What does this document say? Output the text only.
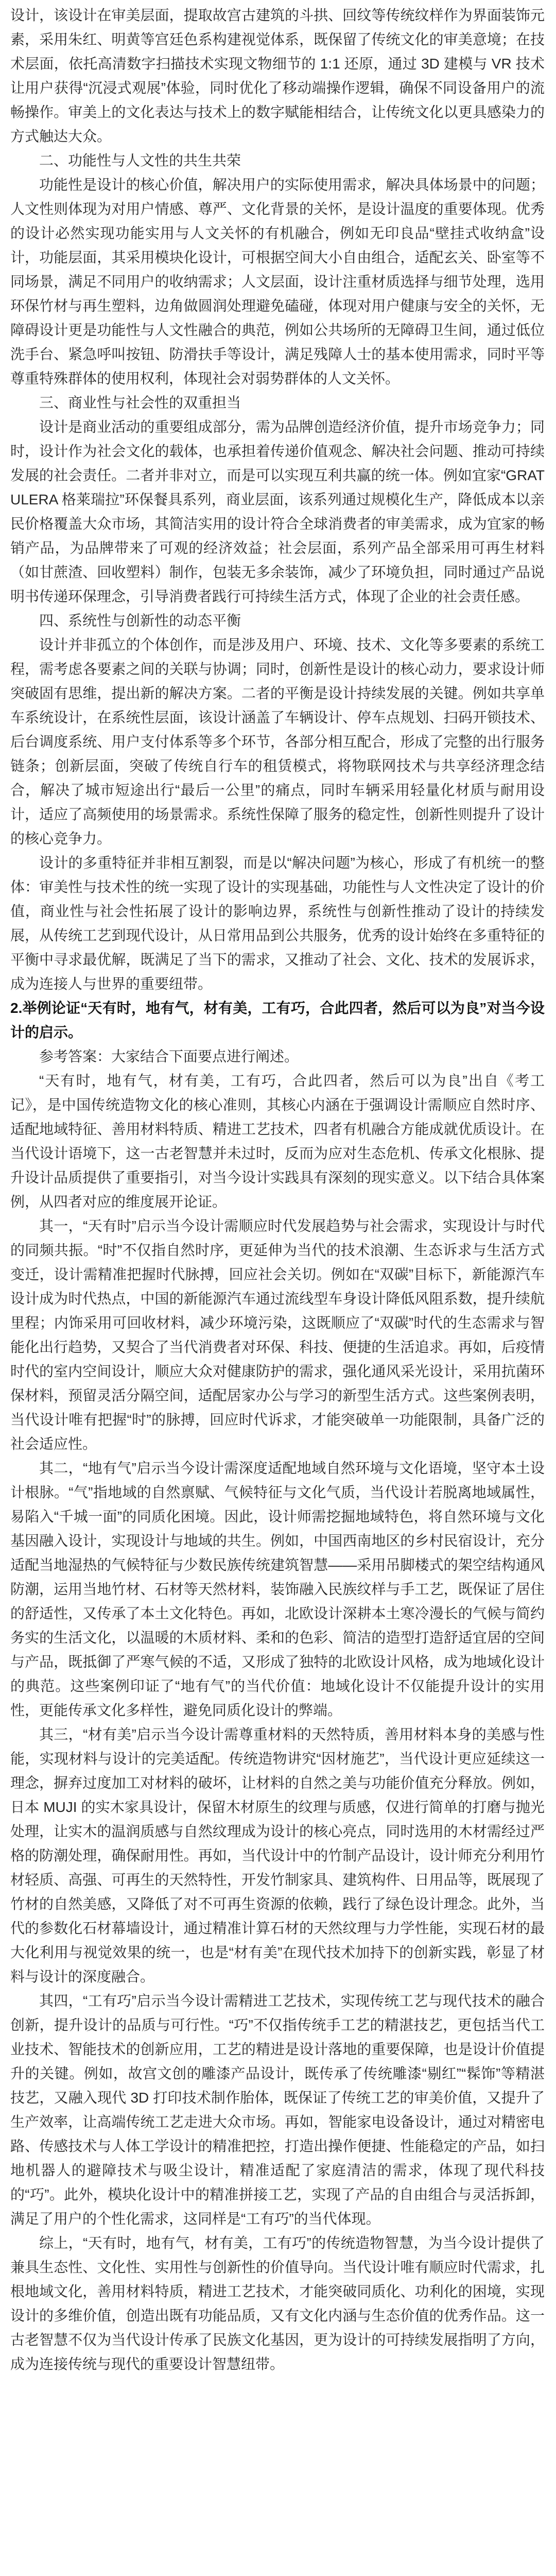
设计，该设计在审美层面，提取故宫古建筑的斗拱、回纹等传统纹样作为界面装饰元素，采用朱红、明黄等宫廷色系构建视觉体系，既保留了传统文化的审美意境；在技术层面，依托高清数字扫描技术实现文物细节的 1:1 还原，通过 3D 建模与 VR 技术让用户获得“沉浸式观展”体验，同时优化了移动端操作逻辑，确保不同设备用户的流畅操作。审美上的文化表达与技术上的数字赋能相结合，让传统文化以更具感染力的方式触达大众。

二、功能性与人文性的共生共荣

功能性是设计的核心价值，解决用户的实际使用需求，解决具体场景中的问题；人文性则体现为对用户情感、尊严、文化背景的关怀，是设计温度的重要体现。优秀的设计必然实现功能实用与人文关怀的有机融合，例如无印良品“壁挂式收纳盒”设计，功能层面，其采用模块化设计，可根据空间大小自由组合，适配玄关、卧室等不同场景，满足不同用户的收纳需求；人文层面，设计注重材质选择与细节处理，选用环保竹材与再生塑料，边角做圆润处理避免磕碰，体现对用户健康与安全的关怀，无障碍设计更是功能性与人文性融合的典范，例如公共场所的无障碍卫生间，通过低位洗手台、紧急呼叫按钮、防滑扶手等设计，满足残障人士的基本使用需求，同时平等尊重特殊群体的使用权利，体现社会对弱势群体的人文关怀。

三、商业性与社会性的双重担当

设计是商业活动的重要组成部分，需为品牌创造经济价值，提升市场竞争力；同时，设计作为社会文化的载体，也承担着传递价值观念、解决社会问题、推动可持续发展的社会责任。二者并非对立，而是可以实现互利共赢的统一体。例如宜家“GRATULERA 格莱瑞拉”环保餐具系列，商业层面，该系列通过规模化生产，降低成本以亲民价格覆盖大众市场，其简洁实用的设计符合全球消费者的审美需求，成为宜家的畅销产品，为品牌带来了可观的经济效益；社会层面，系列产品全部采用可再生材料（如甘蔗渣、回收塑料）制作，包装无多余装饰，减少了环境负担，同时通过产品说明书传递环保理念，引导消费者践行可持续生活方式，体现了企业的社会责任感。

四、系统性与创新性的动态平衡

设计并非孤立的个体创作，而是涉及用户、环境、技术、文化等多要素的系统工程，需考虑各要素之间的关联与协调；同时，创新性是设计的核心动力，要求设计师突破固有思维，提出新的解决方案。二者的平衡是设计持续发展的关键。例如共享单车系统设计，在系统性层面，该设计涵盖了车辆设计、停车点规划、扫码开锁技术、后台调度系统、用户支付体系等多个环节，各部分相互配合，形成了完整的出行服务链条；创新层面，突破了传统自行车的租赁模式，将物联网技术与共享经济理念结合，解决了城市短途出行“最后一公里”的痛点，同时车辆采用轻量化材质与耐用设计，适应了高频使用的场景需求。系统性保障了服务的稳定性，创新性则提升了设计的核心竞争力。

设计的多重特征并非相互割裂，而是以“解决问题”为核心，形成了有机统一的整体：审美性与技术性的统一实现了设计的实现基础，功能性与人文性决定了设计的价值，商业性与社会性拓展了设计的影响边界，系统性与创新性推动了设计的持续发展，从传统工艺到现代设计，从日常用品到公共服务，优秀的设计始终在多重特征的平衡中寻求最优解，既满足了当下的需求，又推动了社会、文化、技术的发展诉求，成为连接人与世界的重要纽带。

2.举例论证“天有时，地有气，材有美，工有巧，合此四者，然后可以为良”对当今设计的启示。

参考答案：大家结合下面要点进行阐述。

“天有时，地有气，材有美，工有巧，合此四者，然后可以为良”出自《考工记》，是中国传统造物文化的核心准则，其核心内涵在于强调设计需顺应自然时序、适配地域特征、善用材料特质、精进工艺技术，四者有机融合方能成就优质设计。在当代设计语境下，这一古老智慧并未过时，反而为应对生态危机、传承文化根脉、提升设计品质提供了重要指引，对当今设计实践具有深刻的现实意义。以下结合具体案例，从四者对应的维度展开论证。

其一，“天有时”启示当今设计需顺应时代发展趋势与社会需求，实现设计与时代的同频共振。“时”不仅指自然时序，更延伸为当代的技术浪潮、生态诉求与生活方式变迁，设计需精准把握时代脉搏，回应社会关切。例如在“双碳”目标下，新能源汽车设计成为时代热点，中国的新能源汽车通过流线型车身设计降低风阻系数，提升续航里程；内饰采用可回收材料，减少环境污染，这既顺应了“双碳”时代的生态需求与智能化出行趋势，又契合了当代消费者对环保、科技、便捷的生活追求。再如，后疫情时代的室内空间设计，顺应大众对健康防护的需求，强化通风采光设计，采用抗菌环保材料，预留灵活分隔空间，适配居家办公与学习的新型生活方式。这些案例表明，当代设计唯有把握“时”的脉搏，回应时代诉求，才能突破单一功能限制，具备广泛的社会适应性。

其二，“地有气”启示当今设计需深度适配地域自然环境与文化语境，坚守本土设计根脉。“气”指地域的自然禀赋、气候特征与文化气质，当代设计若脱离地域属性，易陷入“千城一面”的同质化困境。因此，设计师需挖掘地域特色，将自然环境与文化基因融入设计，实现设计与地域的共生。例如，中国西南地区的乡村民宿设计，充分适配当地湿热的气候特征与少数民族传统建筑智慧——采用吊脚楼式的架空结构通风防潮，运用当地竹材、石材等天然材料，装饰融入民族纹样与手工艺，既保证了居住的舒适性，又传承了本土文化特色。再如，北欧设计深耕本土寒冷漫长的气候与简约务实的生活文化，以温暖的木质材料、柔和的色彩、简洁的造型打造舒适宜居的空间与产品，既抵御了严寒气候的不适，又形成了独特的北欧设计风格，成为地域化设计的典范。这些案例印证了“地有气”的当代价值：地域化设计不仅能提升设计的实用性，更能传承文化多样性，避免同质化设计的弊端。

其三，“材有美”启示当今设计需尊重材料的天然特质，善用材料本身的美感与性能，实现材料与设计的完美适配。传统造物讲究“因材施艺”，当代设计更应延续这一理念，摒弃过度加工对材料的破坏，让材料的自然之美与功能价值充分释放。例如，日本 MUJI 的实木家具设计，保留木材原生的纹理与质感，仅进行简单的打磨与抛光处理，让实木的温润质感与自然纹理成为设计的核心亮点，同时选用的木材需经过严格的防潮处理，确保耐用性。再如，当代设计中的竹制产品设计，设计师充分利用竹材轻质、高强、可再生的天然特性，开发竹制家具、建筑构件、日用品等，既展现了竹材的自然美感，又降低了对不可再生资源的依赖，践行了绿色设计理念。此外，当代的参数化石材幕墙设计，通过精准计算石材的天然纹理与力学性能，实现石材的最大化利用与视觉效果的统一，也是“材有美”在现代技术加持下的创新实践，彰显了材料与设计的深度融合。

其四，“工有巧”启示当今设计需精进工艺技术，实现传统工艺与现代技术的融合创新，提升设计的品质与可行性。“巧”不仅指传统手工艺的精湛技艺，更包括当代工业技术、智能技术的创新应用，工艺的精进是设计落地的重要保障，也是设计价值提升的关键。例如，故宫文创的雕漆产品设计，既传承了传统雕漆“剔红”“髹饰”等精湛技艺，又融入现代 3D 打印技术制作胎体，既保证了传统工艺的审美价值，又提升了生产效率，让高端传统工艺走进大众市场。再如，智能家电设备设计，通过对精密电路、传感技术与人体工学设计的精准把控，打造出操作便捷、性能稳定的产品，如扫地机器人的避障技术与吸尘设计，精准适配了家庭清洁的需求，体现了现代科技的“巧”。此外，模块化设计中的精准拼接工艺，实现了产品的自由组合与灵活拆卸，满足了用户的个性化需求，这同样是“工有巧”的当代体现。

综上，“天有时，地有气，材有美，工有巧”的传统造物智慧，为当今设计提供了兼具生态性、文化性、实用性与创新性的价值导向。当代设计唯有顺应时代需求，扎根地域文化，善用材料特质，精进工艺技术，才能突破同质化、功利化的困境，实现设计的多维价值，创造出既有功能品质，又有文化内涵与生态价值的优秀作品。这一古老智慧不仅为当代设计传承了民族文化基因，更为设计的可持续发展指明了方向，成为连接传统与现代的重要设计智慧纽带。
